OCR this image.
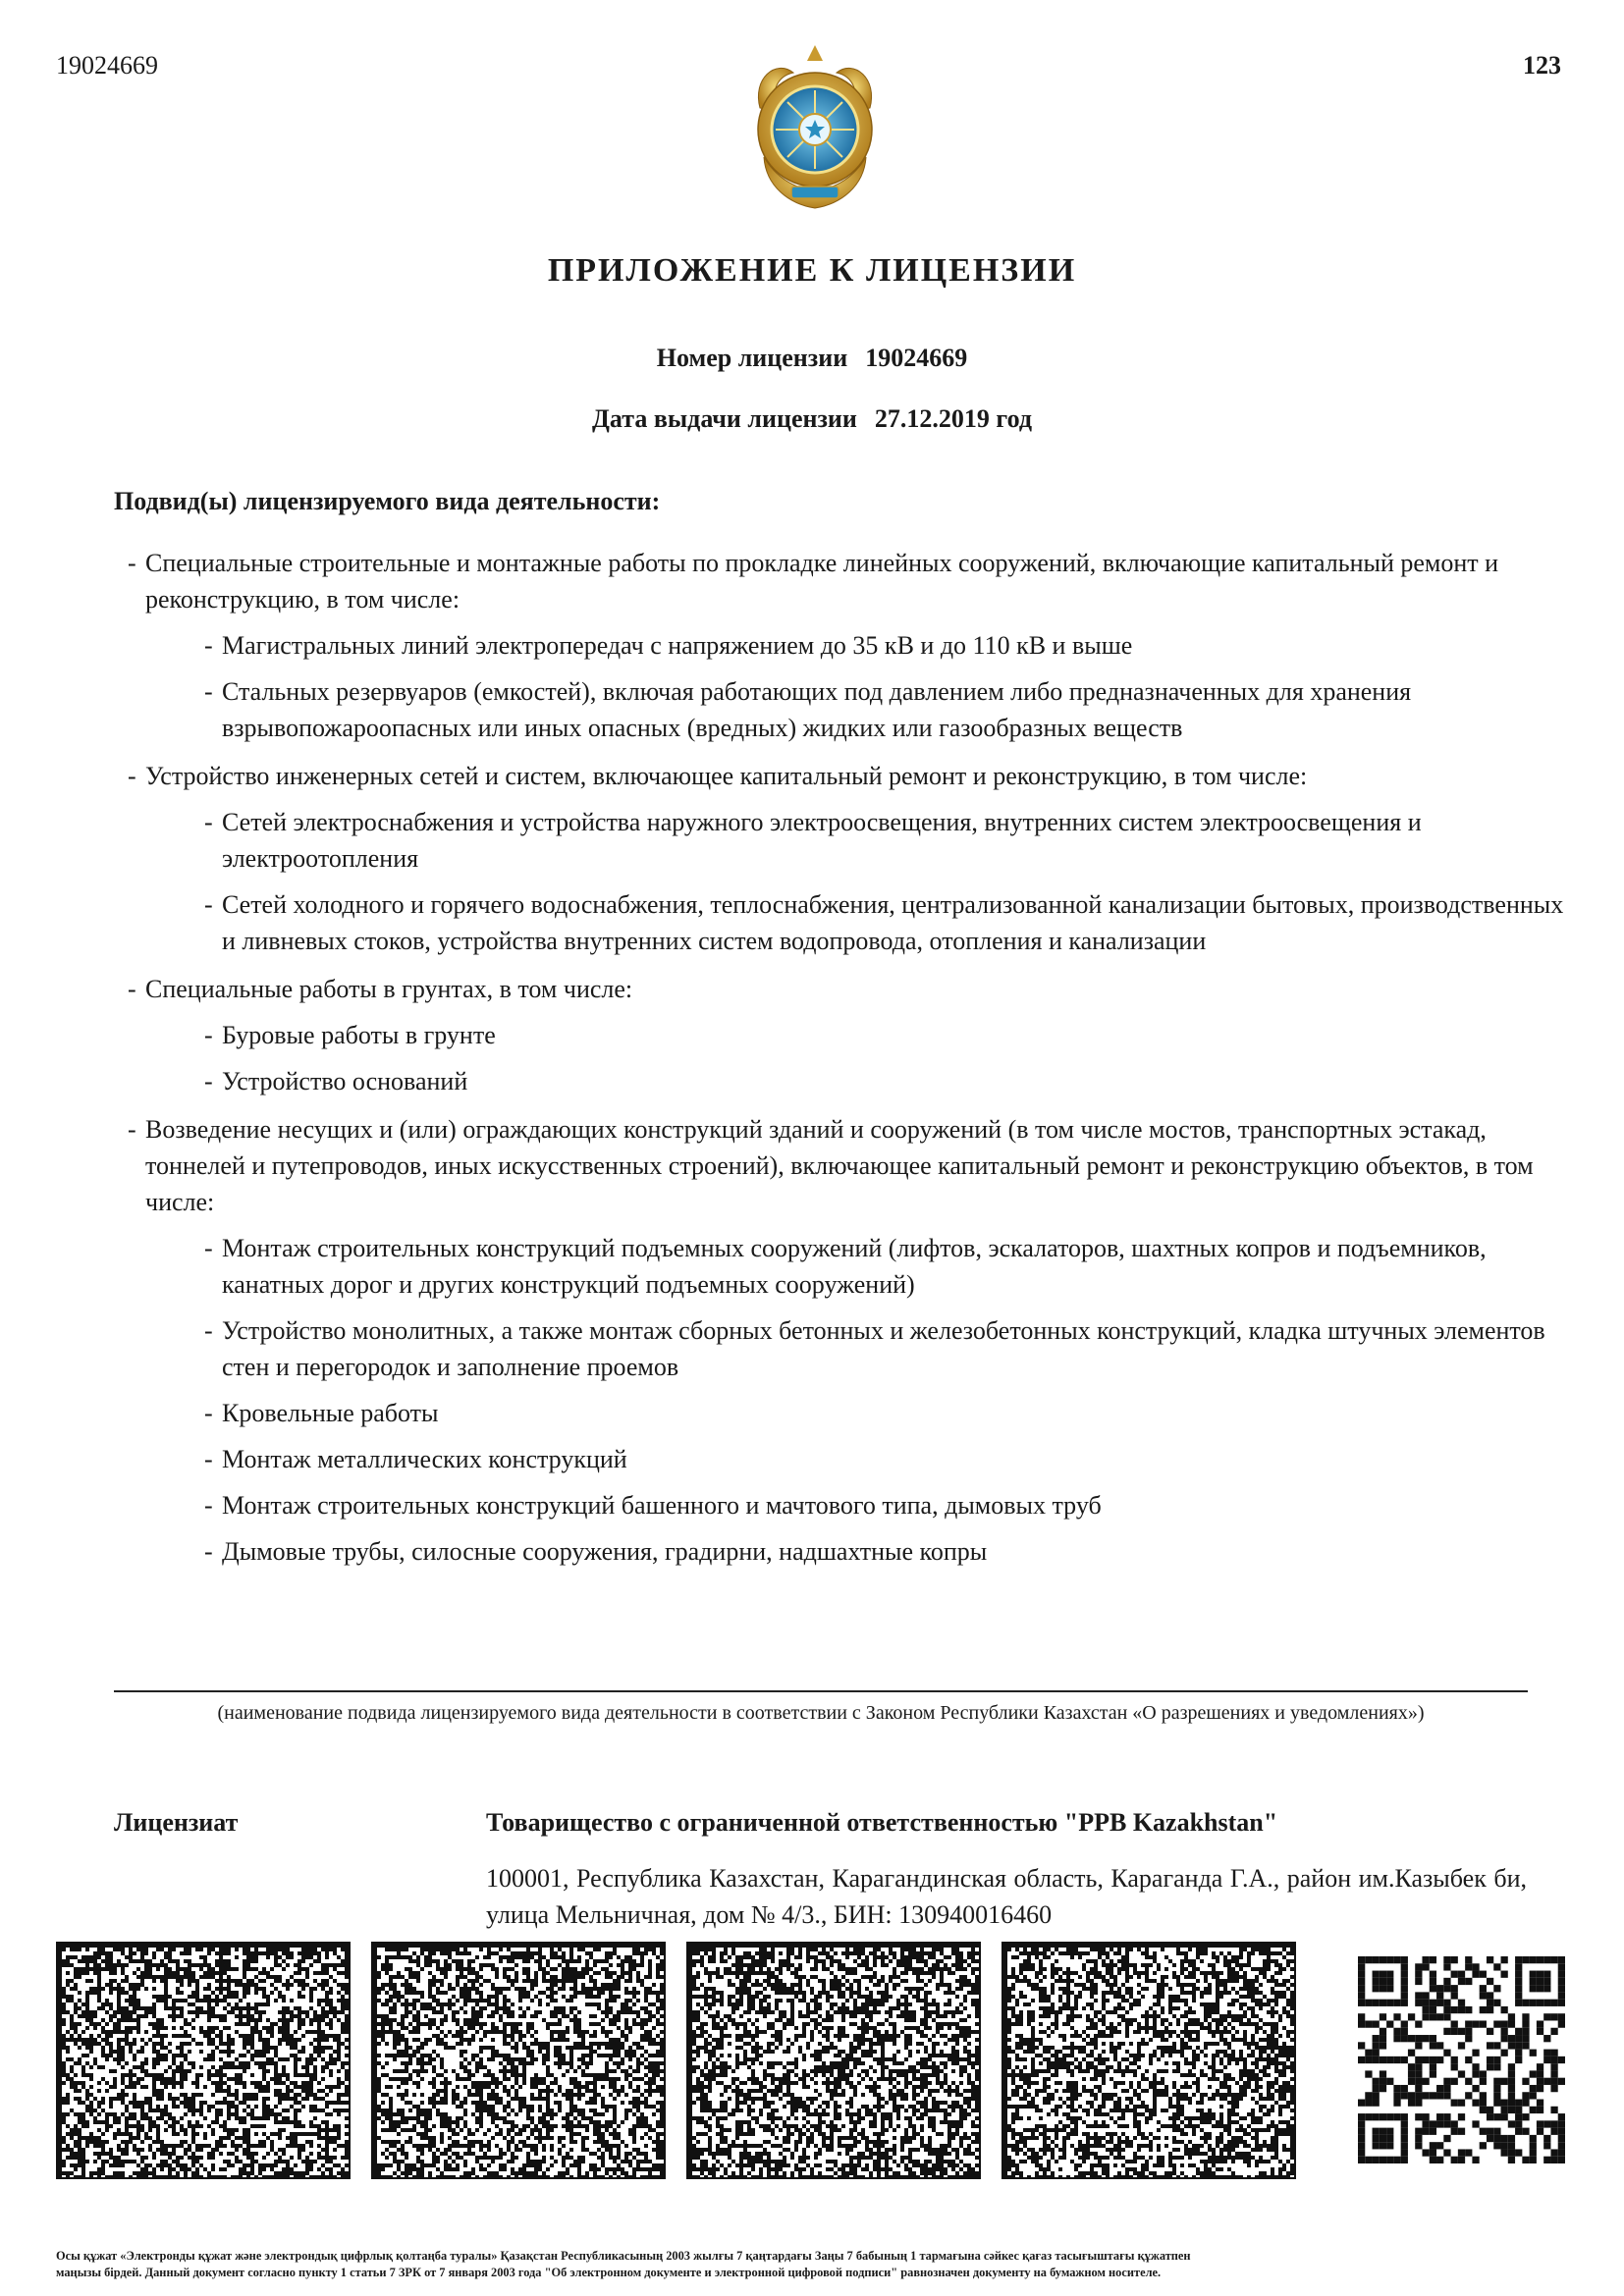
19024669	123
ПРИЛОЖЕНИЕ К ЛИЦЕНЗИИ
Номер лицензии 19024669
Дата выдачи лицензии 27.12.2019 год
Подвид(ы) лицензируемого вида деятельности:
- Специальные строительные и монтажные работы по прокладке линейных сооружений, включающие капитальный ремонт и реконструкцию, в том числе:
- Магистральных линий электропередач с напряжением до 35 кВ и до 110 кВ и выше
- Стальных резервуаров (емкостей), включая работающих под давлением либо предназначенных для хранения взрывопожароопасных или иных опасных (вредных) жидких или газообразных веществ
- Устройство инженерных сетей и систем, включающее капитальный ремонт и реконструкцию, в том числе:
- Сетей электроснабжения и устройства наружного электроосвещения, внутренних систем электроосвещения и электроотопления
- Сетей холодного и горячего водоснабжения, теплоснабжения, централизованной канализации бытовых, производственных и ливневых стоков, устройства внутренних систем водопровода, отопления и канализации
- Специальные работы в грунтах, в том числе:
- Буровые работы в грунте
- Устройство оснований
- Возведение несущих и (или) ограждающих конструкций зданий и сооружений (в том числе мостов, транспортных эстакад, тоннелей и путепроводов, иных искусственных строений), включающее капитальный ремонт и реконструкцию объектов, в том числе:
- Монтаж строительных конструкций подъемных сооружений (лифтов, эскалаторов, шахтных копров и подъемников, канатных дорог и других конструкций подъемных сооружений)
- Устройство монолитных, а также монтаж сборных бетонных и железобетонных конструкций, кладка штучных элементов стен и перегородок и заполнение проемов
- Кровельные работы
- Монтаж металлических конструкций
- Монтаж строительных конструкций башенного и мачтового типа, дымовых труб
- Дымовые трубы, силосные сооружения, градирни, надшахтные копры
(наименование подвида лицензируемого вида деятельности в соответствии с Законом Республики Казахстан «О разрешениях и уведомлениях»)
Лицензиат	Товарищество с ограниченной ответственностью "PPB Kazakhstan"
100001, Республика Казахстан, Карагандинская область, Караганда Г.А., район им.Казыбек би, улица Мельничная, дом № 4/3., БИН: 130940016460
Осы құжат «Электронды құжат және электрондық цифрлық қолтаңба туралы» Қазақстан Республикасының 2003 жылғы 7 қаңтардағы Заңы 7 бабының 1 тармағына сәйкес қағаз тасығыштағы құжатпен
маңызы бірдей. Данный документ согласно пункту 1 статьи 7 ЗРК от 7 января 2003 года "Об электронном документе и электронной цифровой подписи" равнозначен документу на бумажном носителе.
